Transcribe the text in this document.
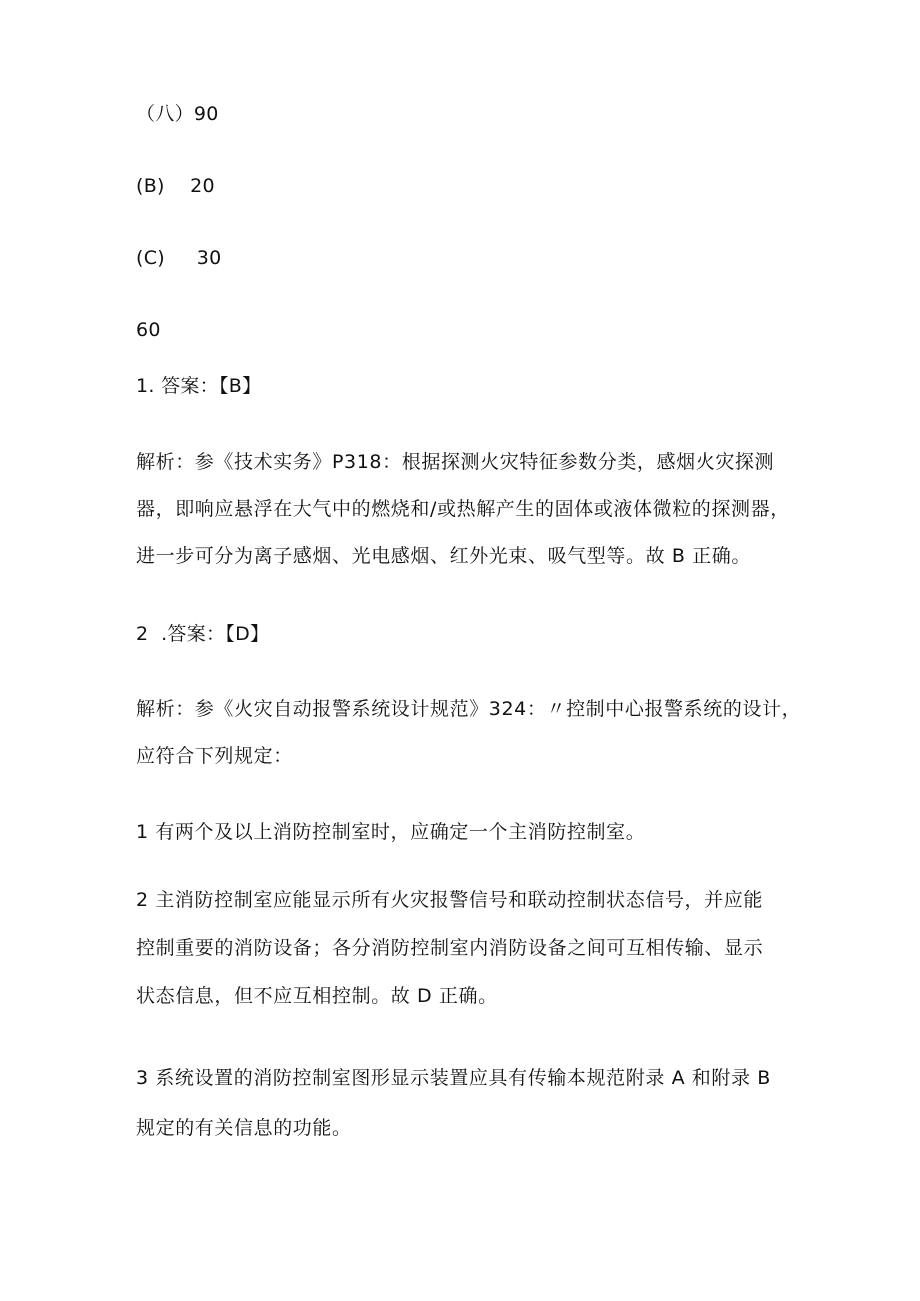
（八）90
(B)    20
(C)     30
60
1. 答案：【B】
解析：参《技术实务》P318：根据探测火灾特征参数分类，感烟火灾探测
器，即响应悬浮在大气中的燃烧和/或热解产生的固体或液体微粒的探测器，
进一步可分为离子感烟、光电感烟、红外光束、吸气型等。故 B 正确。
2  .答案：【D】
解析：参《火灾自动报警系统设计规范》324：〃控制中心报警系统的设计，
应符合下列规定：
1 有两个及以上消防控制室时，应确定一个主消防控制室。
2 主消防控制室应能显示所有火灾报警信号和联动控制状态信号，并应能
控制重要的消防设备；各分消防控制室内消防设备之间可互相传输、显示
状态信息，但不应互相控制。故 D 正确。
3 系统设置的消防控制室图形显示装置应具有传输本规范附录 A 和附录 B
规定的有关信息的功能。
